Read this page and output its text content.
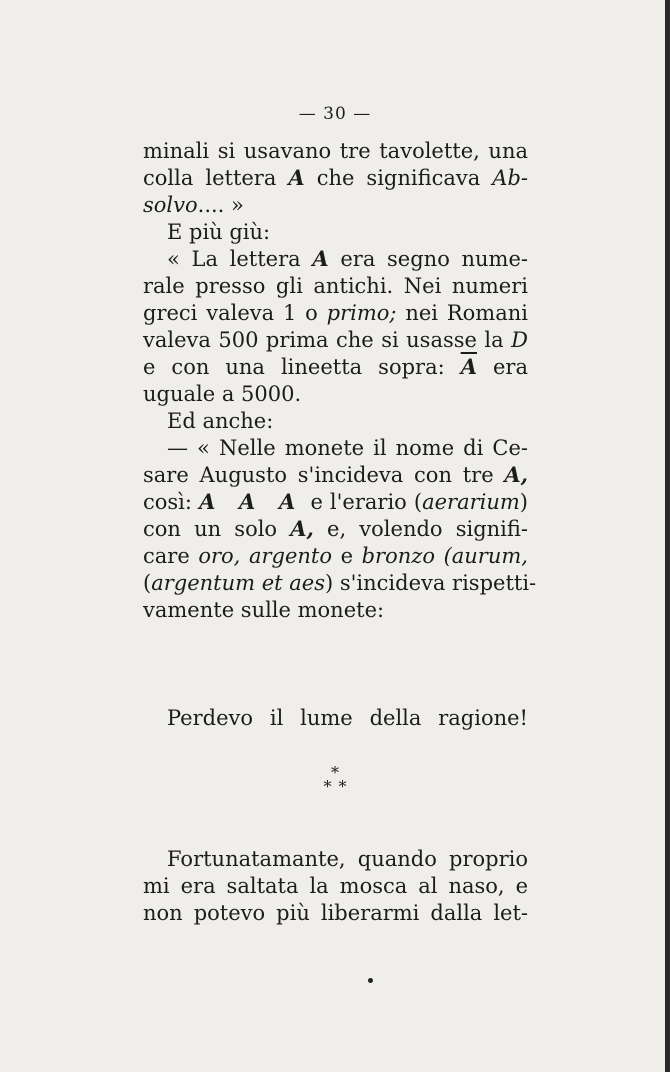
— 30 —
minali si usavano tre tavolette, una
colla lettera A che significava Ab-
solvo.... »
E più giù:
« La lettera A era segno nume-
rale presso gli antichi. Nei numeri
greci valeva 1 o primo; nei Romani
valeva 500 prima che si usasse la D
e con una lineetta sopra: $\overline{A}$ era
uguale a 5000.
Ed anche:
— « Nelle monete il nome di Ce-
sare Augusto s'incideva con tre A,
così: A A A e l'erario (aerarium)
con un solo A, e, volendo signifi-
care oro, argento e bronzo (aurum,
(argentum et aes) s'incideva rispetti-
vamente sulle monete:
Perdevo il lume della ragione!
*
* *
Fortunatamante, quando proprio
mi era saltata la mosca al naso, e
non potevo più liberarmi dalla let-
